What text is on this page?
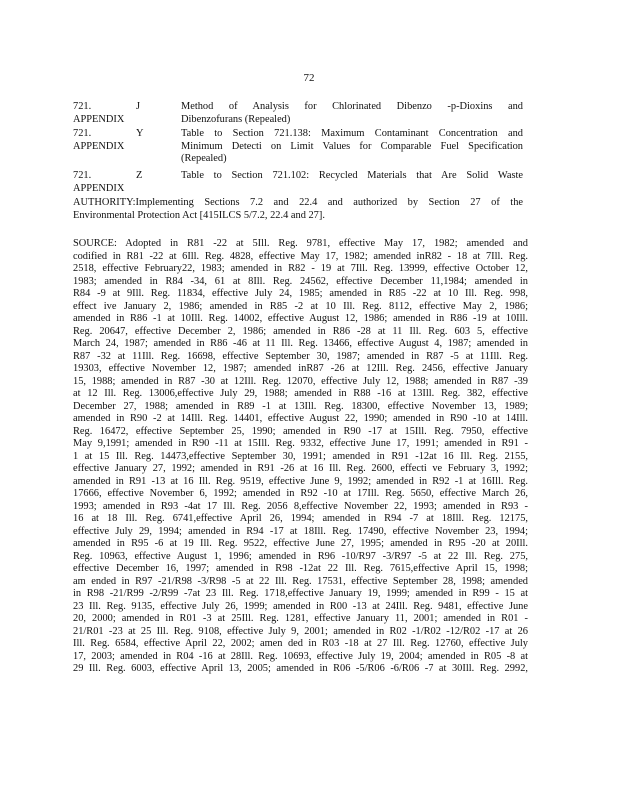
72
721. APPENDIX
J	Method of Analysis for Chlorinated Dibenzo -p-Dioxins and
Dibenzofurans (Repealed)
721. APPENDIX
Y	Table to Section 721.138: Maximum Contaminant Concentration and
Minimum Detecti on Limit Values for Comparable Fuel Specification
(Repealed)
721. APPENDIX
Z	Table to Section 721.102: Recycled Materials that Are Solid Waste
AUTHORITY:Implementing Sections 7.2 and 22.4 and authorized by Section 27 of the
Environmental Protection Act [415ILCS 5/7.2, 22.4 and 27].
SOURCE: Adopted in R81 -22 at 5Ill. Reg. 9781, effective May 17, 1982; amended and
codified in R81 -22 at 6Ill. Reg. 4828, effective May 17, 1982; amended inR82 - 18 at 7Ill. Reg.
2518, effective February22, 1983; amended in R82 - 19 at 7Ill. Reg. 13999, effective October 12,
1983; amended in R84 -34, 61 at 8Ill. Reg. 24562, effective December 11,1984; amended in
R84 -9 at 9Ill. Reg. 11834, effective July 24, 1985; amended in R85 -22 at 10 Ill. Reg. 998,
effect ive January 2, 1986; amended in R85 -2 at 10 Ill. Reg. 8112, effective May 2, 1986;
amended in R86 -1 at 10Ill. Reg. 14002, effective August 12, 1986; amended in R86 -19 at 10Ill.
Reg. 20647, effective December 2, 1986; amended in R86 -28 at 11 Ill. Reg. 603 5, effective
March 24, 1987; amended in R86 -46 at 11 Ill. Reg. 13466, effective August 4, 1987; amended in
R87 -32 at 11Ill. Reg. 16698, effective September 30, 1987; amended in R87 -5 at 11Ill. Reg.
19303, effective November 12, 1987; amended inR87 -26 at 12Ill. Reg. 2456, effective January
15, 1988; amended in R87 -30 at 12Ill. Reg. 12070, effective July 12, 1988; amended in R87 -39
at 12 Ill. Reg. 13006,effective July 29, 1988; amended in R88 -16 at 13Ill. Reg. 382, effective
December 27, 1988; amended in R89 -1 at 13Ill. Reg. 18300, effective November 13, 1989;
amended in R90 -2 at 14Ill. Reg. 14401, effective August 22, 1990; amended in R90 -10 at 14Ill.
Reg. 16472, effective September 25, 1990; amended in R90 -17 at 15Ill. Reg. 7950, effective
May 9,1991; amended in R90 -11 at 15Ill. Reg. 9332, effective June 17, 1991; amended in R91 -
1 at 15 Ill. Reg. 14473,effective September 30, 1991; amended in R91 -12at 16 Ill. Reg. 2155,
effective January 27, 1992; amended in R91 -26 at 16 Ill. Reg. 2600, effecti ve February 3, 1992;
amended in R91 -13 at 16 Ill. Reg. 9519, effective June 9, 1992; amended in R92 -1 at 16Ill. Reg.
17666, effective November 6, 1992; amended in R92 -10 at 17Ill. Reg. 5650, effective March 26,
1993; amended in R93 -4at 17 Ill. Reg. 2056 8,effective November 22, 1993; amended in R93 -
16 at 18 Ill. Reg. 6741,effective April 26, 1994; amended in R94 -7 at 18Ill. Reg. 12175,
effective July 29, 1994; amended in R94 -17 at 18Ill. Reg. 17490, effective November 23, 1994;
amended in R95 -6 at 19 Ill. Reg. 9522, effective June 27, 1995; amended in R95 -20 at 20Ill.
Reg. 10963, effective August 1, 1996; amended in R96 -10/R97 -3/R97 -5 at 22 Ill. Reg. 275,
effective December 16, 1997; amended in R98 -12at 22 Ill. Reg. 7615,effective April 15, 1998;
am ended in R97 -21/R98 -3/R98 -5 at 22 Ill. Reg. 17531, effective September 28, 1998; amended
in R98 -21/R99 -2/R99 -7at 23 Ill. Reg. 1718,effective January 19, 1999; amended in R99 - 15 at
23 Ill. Reg. 9135, effective July 26, 1999; amended in R00 -13 at 24Ill. Reg. 9481, effective June
20, 2000; amended in R01 -3 at 25Ill. Reg. 1281, effective January 11, 2001; amended in R01 -
21/R01 -23 at 25 Ill. Reg. 9108, effective July 9, 2001; amended in R02 -1/R02 -12/R02 -17 at 26
Ill. Reg. 6584, effective April 22, 2002; amen ded in R03 -18 at 27 Ill. Reg. 12760, effective July
17, 2003; amended in R04 -16 at 28Ill. Reg. 10693, effective July 19, 2004; amended in R05 -8 at
29 Ill. Reg. 6003, effective April 13, 2005; amended in R06 -5/R06 -6/R06 -7 at 30Ill. Reg. 2992,
